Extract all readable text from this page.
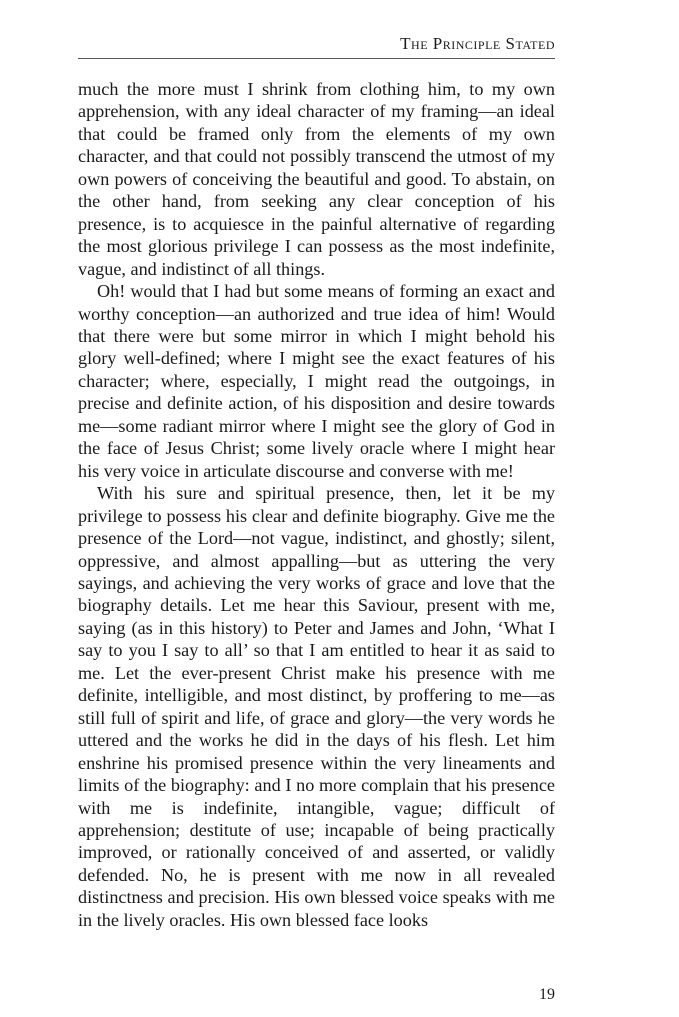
The Principle Stated

much the more must I shrink from clothing him, to my own apprehension, with any ideal character of my framing—an ideal that could be framed only from the elements of my own character, and that could not possibly transcend the utmost of my own powers of conceiving the beautiful and good. To abstain, on the other hand, from seeking any clear conception of his presence, is to acquiesce in the painful alternative of regarding the most glorious privilege I can possess as the most indefinite, vague, and indistinct of all things.

Oh! would that I had but some means of forming an exact and worthy conception—an authorized and true idea of him! Would that there were but some mirror in which I might behold his glory well-defined; where I might see the exact features of his character; where, especially, I might read the outgoings, in precise and definite action, of his disposition and desire towards me—some radiant mirror where I might see the glory of God in the face of Jesus Christ; some lively oracle where I might hear his very voice in articulate discourse and converse with me!

With his sure and spiritual presence, then, let it be my privilege to possess his clear and definite biography. Give me the presence of the Lord—not vague, indistinct, and ghostly; silent, oppressive, and almost appalling—but as uttering the very sayings, and achieving the very works of grace and love that the biography details. Let me hear this Saviour, present with me, saying (as in this history) to Peter and James and John, ‘What I say to you I say to all’ so that I am entitled to hear it as said to me. Let the ever-present Christ make his presence with me definite, intelligible, and most distinct, by proffering to me—as still full of spirit and life, of grace and glory—the very words he uttered and the works he did in the days of his flesh. Let him enshrine his promised presence within the very lineaments and limits of the biography: and I no more complain that his presence with me is indefinite, intangible, vague; difficult of apprehension; destitute of use; incapable of being practically improved, or rationally conceived of and asserted, or validly defended. No, he is present with me now in all revealed distinctness and precision. His own blessed voice speaks with me in the lively oracles. His own blessed face looks

19
